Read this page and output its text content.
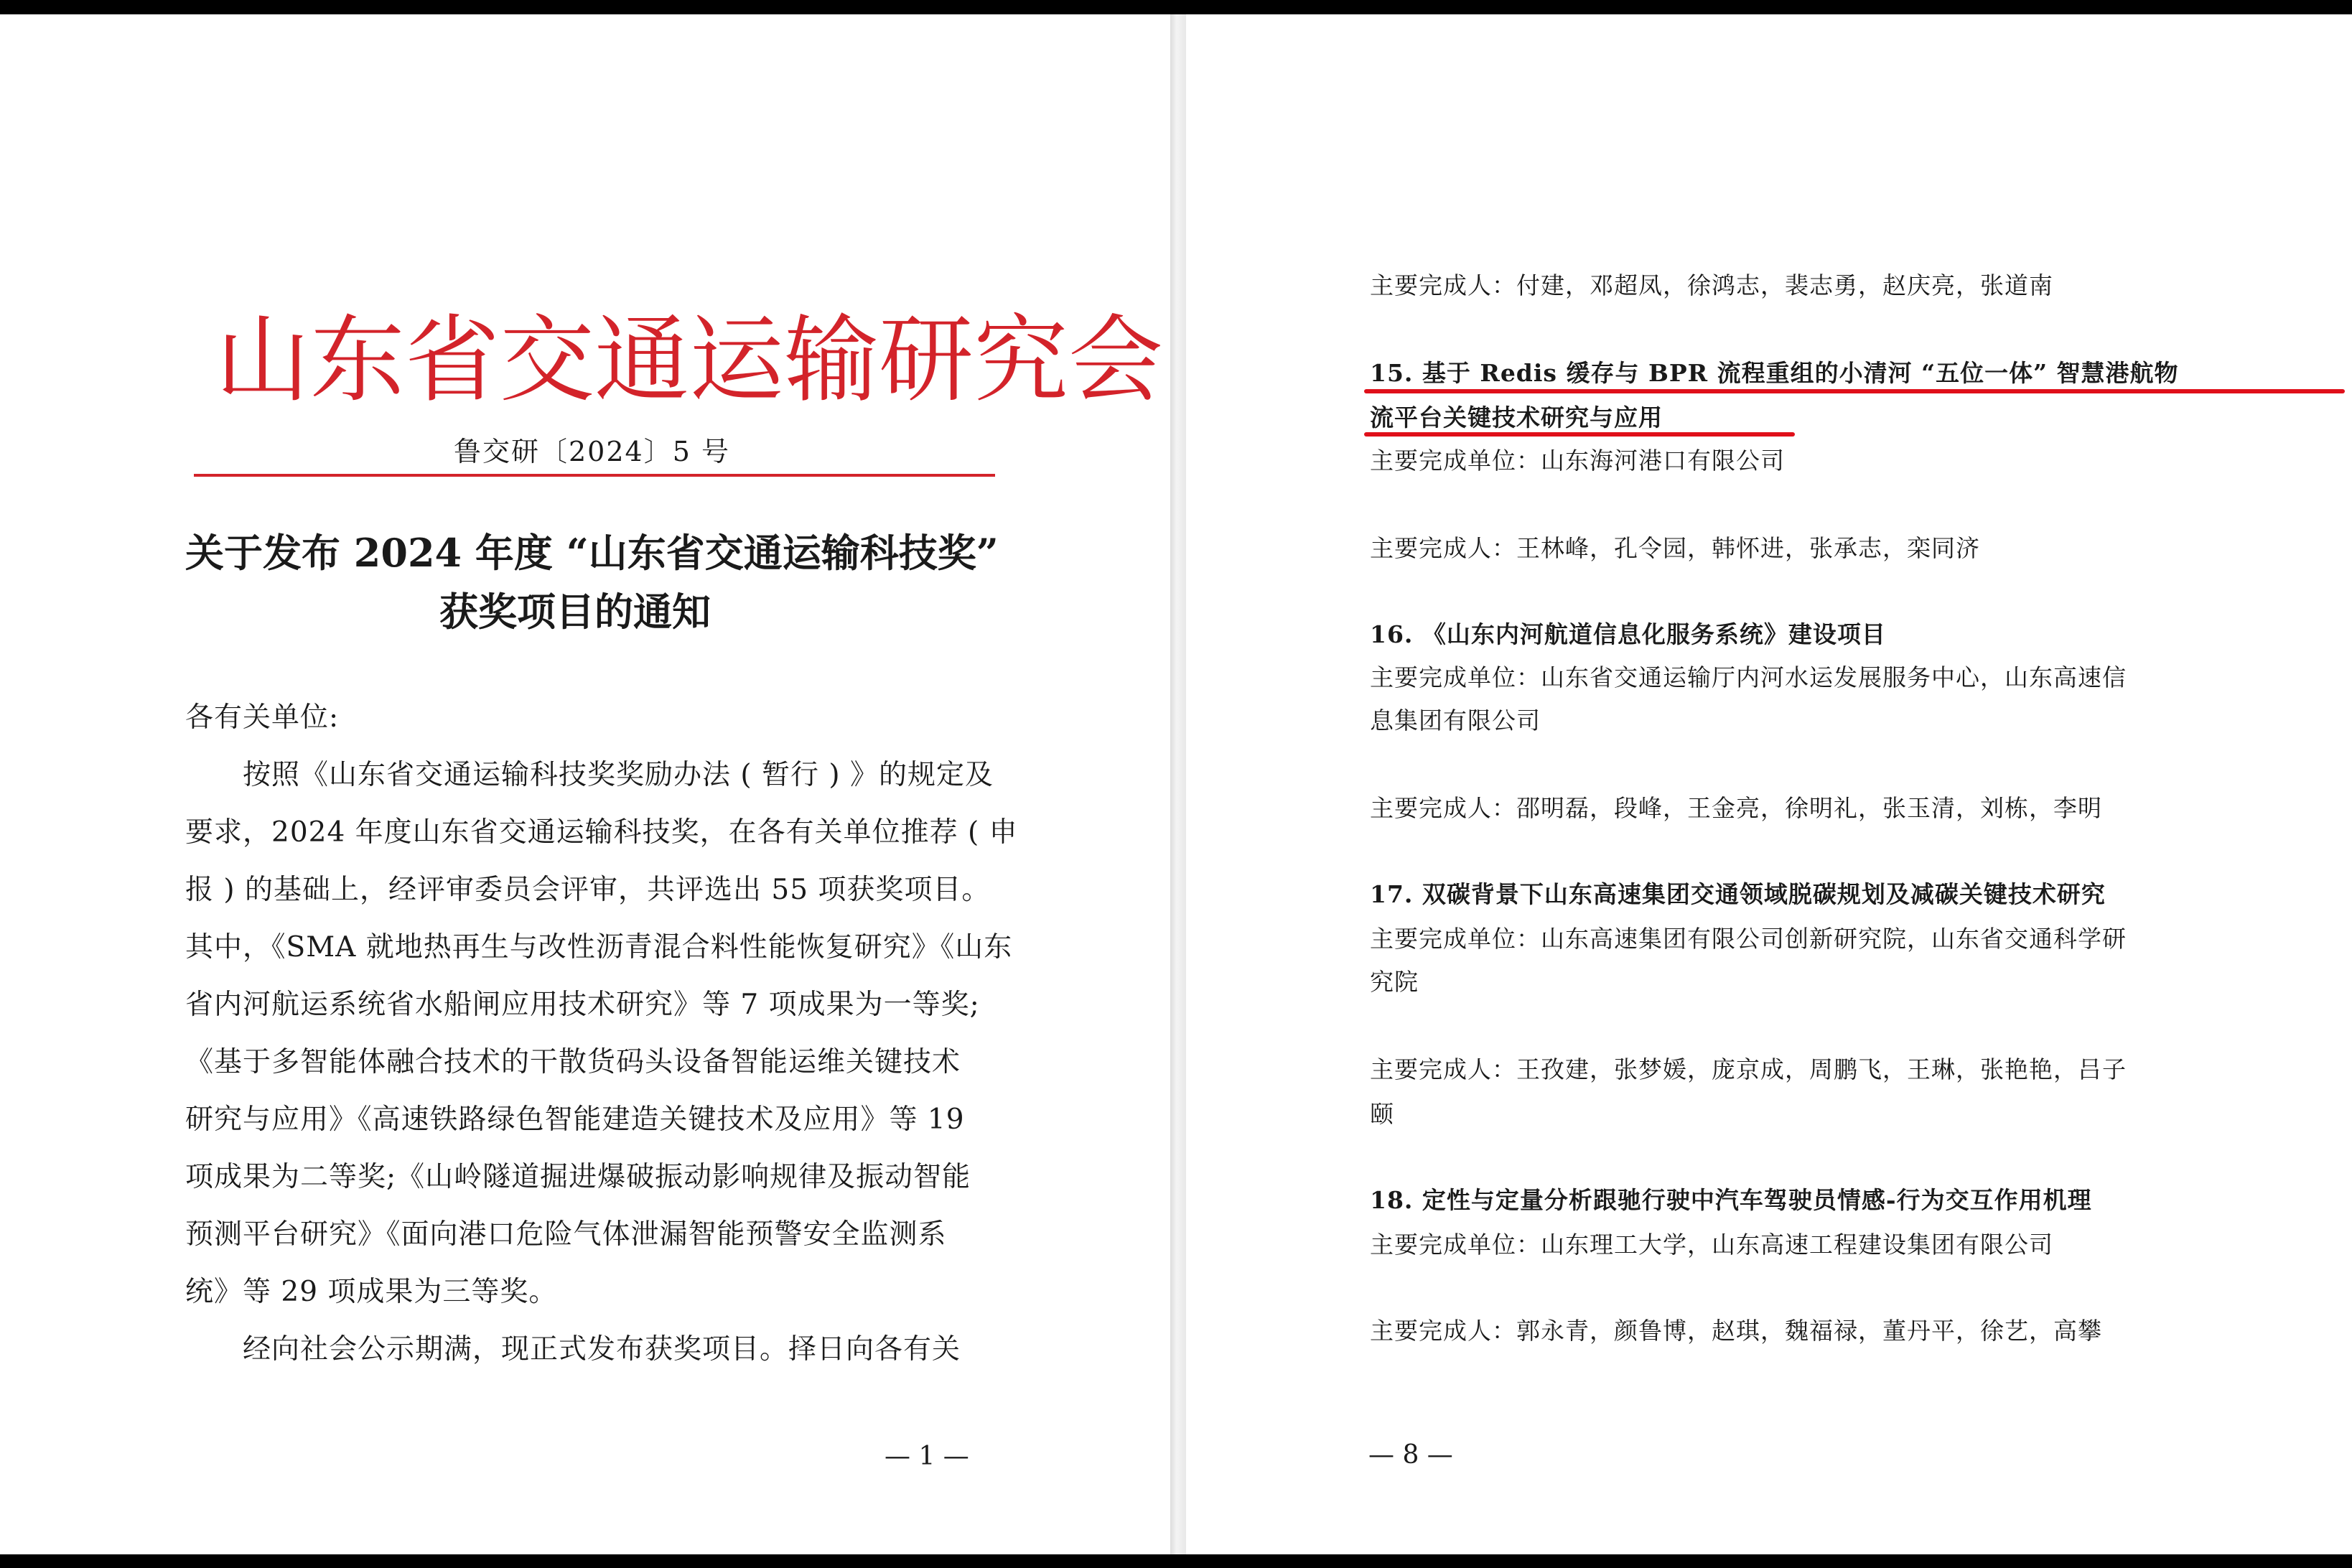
山东省交通运输研究会
鲁交研〔2024〕5 号
关于发布 2024 年度 “山东省交通运输科技奖”
获奖项目的通知
各有关单位:
按照《山东省交通运输科技奖奖励办法 ( 暂行 ) 》的规定及
要求，2024 年度山东省交通运输科技奖，在各有关单位推荐 ( 申
报 ) 的基础上，经评审委员会评审，共评选出 55 项获奖项目。
其中，《SMA 就地热再生与改性沥青混合料性能恢复研究》《山东
省内河航运系统省水船闸应用技术研究》等 7 项成果为一等奖;
《基于多智能体融合技术的干散货码头设备智能运维关键技术
研究与应用》《高速铁路绿色智能建造关键技术及应用》等 19
项成果为二等奖;《山岭隧道掘进爆破振动影响规律及振动智能
预测平台研究》《面向港口危险气体泄漏智能预警安全监测系
统》等 29 项成果为三等奖。
经向社会公示期满，现正式发布获奖项目。择日向各有关
— 1 —
主要完成人：付建，邓超凤，徐鸿志，裴志勇，赵庆亮，张道南
15. 基于 Redis 缓存与 BPR 流程重组的小清河 “五位一体” 智慧港航物
流平台关键技术研究与应用
主要完成单位：山东海河港口有限公司
主要完成人：王林峰，孔令园，韩怀进，张承志，栾同济
16. 《山东内河航道信息化服务系统》建设项目
主要完成单位：山东省交通运输厅内河水运发展服务中心，山东高速信
息集团有限公司
主要完成人：邵明磊，段峰，王金亮，徐明礼，张玉清，刘栋，李明
17. 双碳背景下山东高速集团交通领域脱碳规划及减碳关键技术研究
主要完成单位：山东高速集团有限公司创新研究院，山东省交通科学研
究院
主要完成人：王孜建，张梦媛，庞京成，周鹏飞，王琳，张艳艳，吕子
颐
18. 定性与定量分析跟驰行驶中汽车驾驶员情感-行为交互作用机理
主要完成单位：山东理工大学，山东高速工程建设集团有限公司
主要完成人：郭永青，颜鲁博，赵琪，魏福禄，董丹平，徐艺，高攀
— 8 —
